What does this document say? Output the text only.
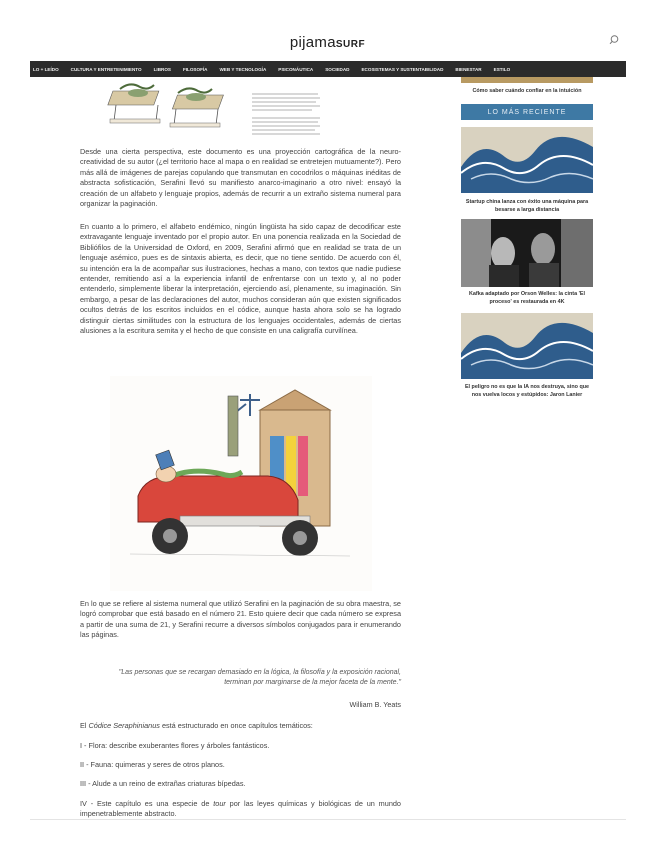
pijamaSURF
LO + LEÍDO	CULTURA Y ENTRETENIMIENTO	LIBROS	FILOSOFÍA	WEB Y TECNOLOGÍA	PSICONÁUTICA	SOCIEDAD	ECOSISTEMAS Y SUSTENTABILIDAD	BIENESTAR	ESTILO

Desde una cierta perspectiva, este documento es una proyección cartográfica de la neuro-creatividad de su autor (¿el territorio hace al mapa o en realidad se entretejen mutuamente?). Pero más allá de imágenes de parejas copulando que transmutan en cocodrilos o máquinas inéditas de abstracta sofisticación, Serafini llevó su manifiesto anarco-imaginario a otro nivel: ensayó la creación de un alfabeto y lenguaje propios, además de recurrir a un extraño sistema numeral para organizar la paginación.

En cuanto a lo primero, el alfabeto endémico, ningún lingüista ha sido capaz de decodificar este extravagante lenguaje inventado por el propio autor. En una ponencia realizada en la Sociedad de Bibliófilos de la Universidad de Oxford, en 2009, Serafini afirmó que en realidad se trata de un lenguaje asémico, pues es de sintaxis abierta, es decir, que no tiene sentido. De acuerdo con él, su intención era la de acompañar sus ilustraciones, hechas a mano, con textos que nadie pudiese entender, remitiendo así a la experiencia infantil de enfrentarse con un texto y, al no poder entenderlo, simplemente liberar la interpretación, ejerciendo así, plenamente, su imaginación. Sin embargo, a pesar de las declaraciones del autor, muchos consideran aún que existen significados ocultos detrás de los escritos incluidos en el códice, aunque hasta ahora solo se ha logrado distinguir ciertas similitudes con la estructura de los lenguajes occidentales, además de ciertas alusiones a la escritura semita y el hecho de que consiste en una caligrafía curvilínea.

En lo que se refiere al sistema numeral que utilizó Serafini en la paginación de su obra maestra, se logró comprobar que está basado en el número 21. Esto quiere decir que cada número se expresa a partir de una suma de 21, y Serafini recurre a diversos símbolos conjugados para ir enumerando las páginas.

"Las personas que se recargan demasiado en la lógica, la filosofía y la exposición racional, terminan por marginarse de la mejor faceta de la mente."
William B. Yeats
El Códice Seraphinianus está estructurado en once capítulos temáticos:
I - Flora: describe exuberantes flores y árboles fantásticos.
II - Fauna: quimeras y seres de otros planos.
III - Alude a un reino de extrañas criaturas bípedas.
IV - Este capítulo es una especie de tour por las leyes químicas y biológicas de un mundo impenetrablemente abstracto.
Cómo saber cuándo confiar en la intuición
LO MÁS RECIENTE
Startup china lanza con éxito una máquina para besarse a larga distancia
Kafka adaptado por Orson Welles: la cinta 'El proceso' es restaurada en 4K
El peligro no es que la IA nos destruya, sino que nos vuelva locos y estúpidos: Jaron Lanier
